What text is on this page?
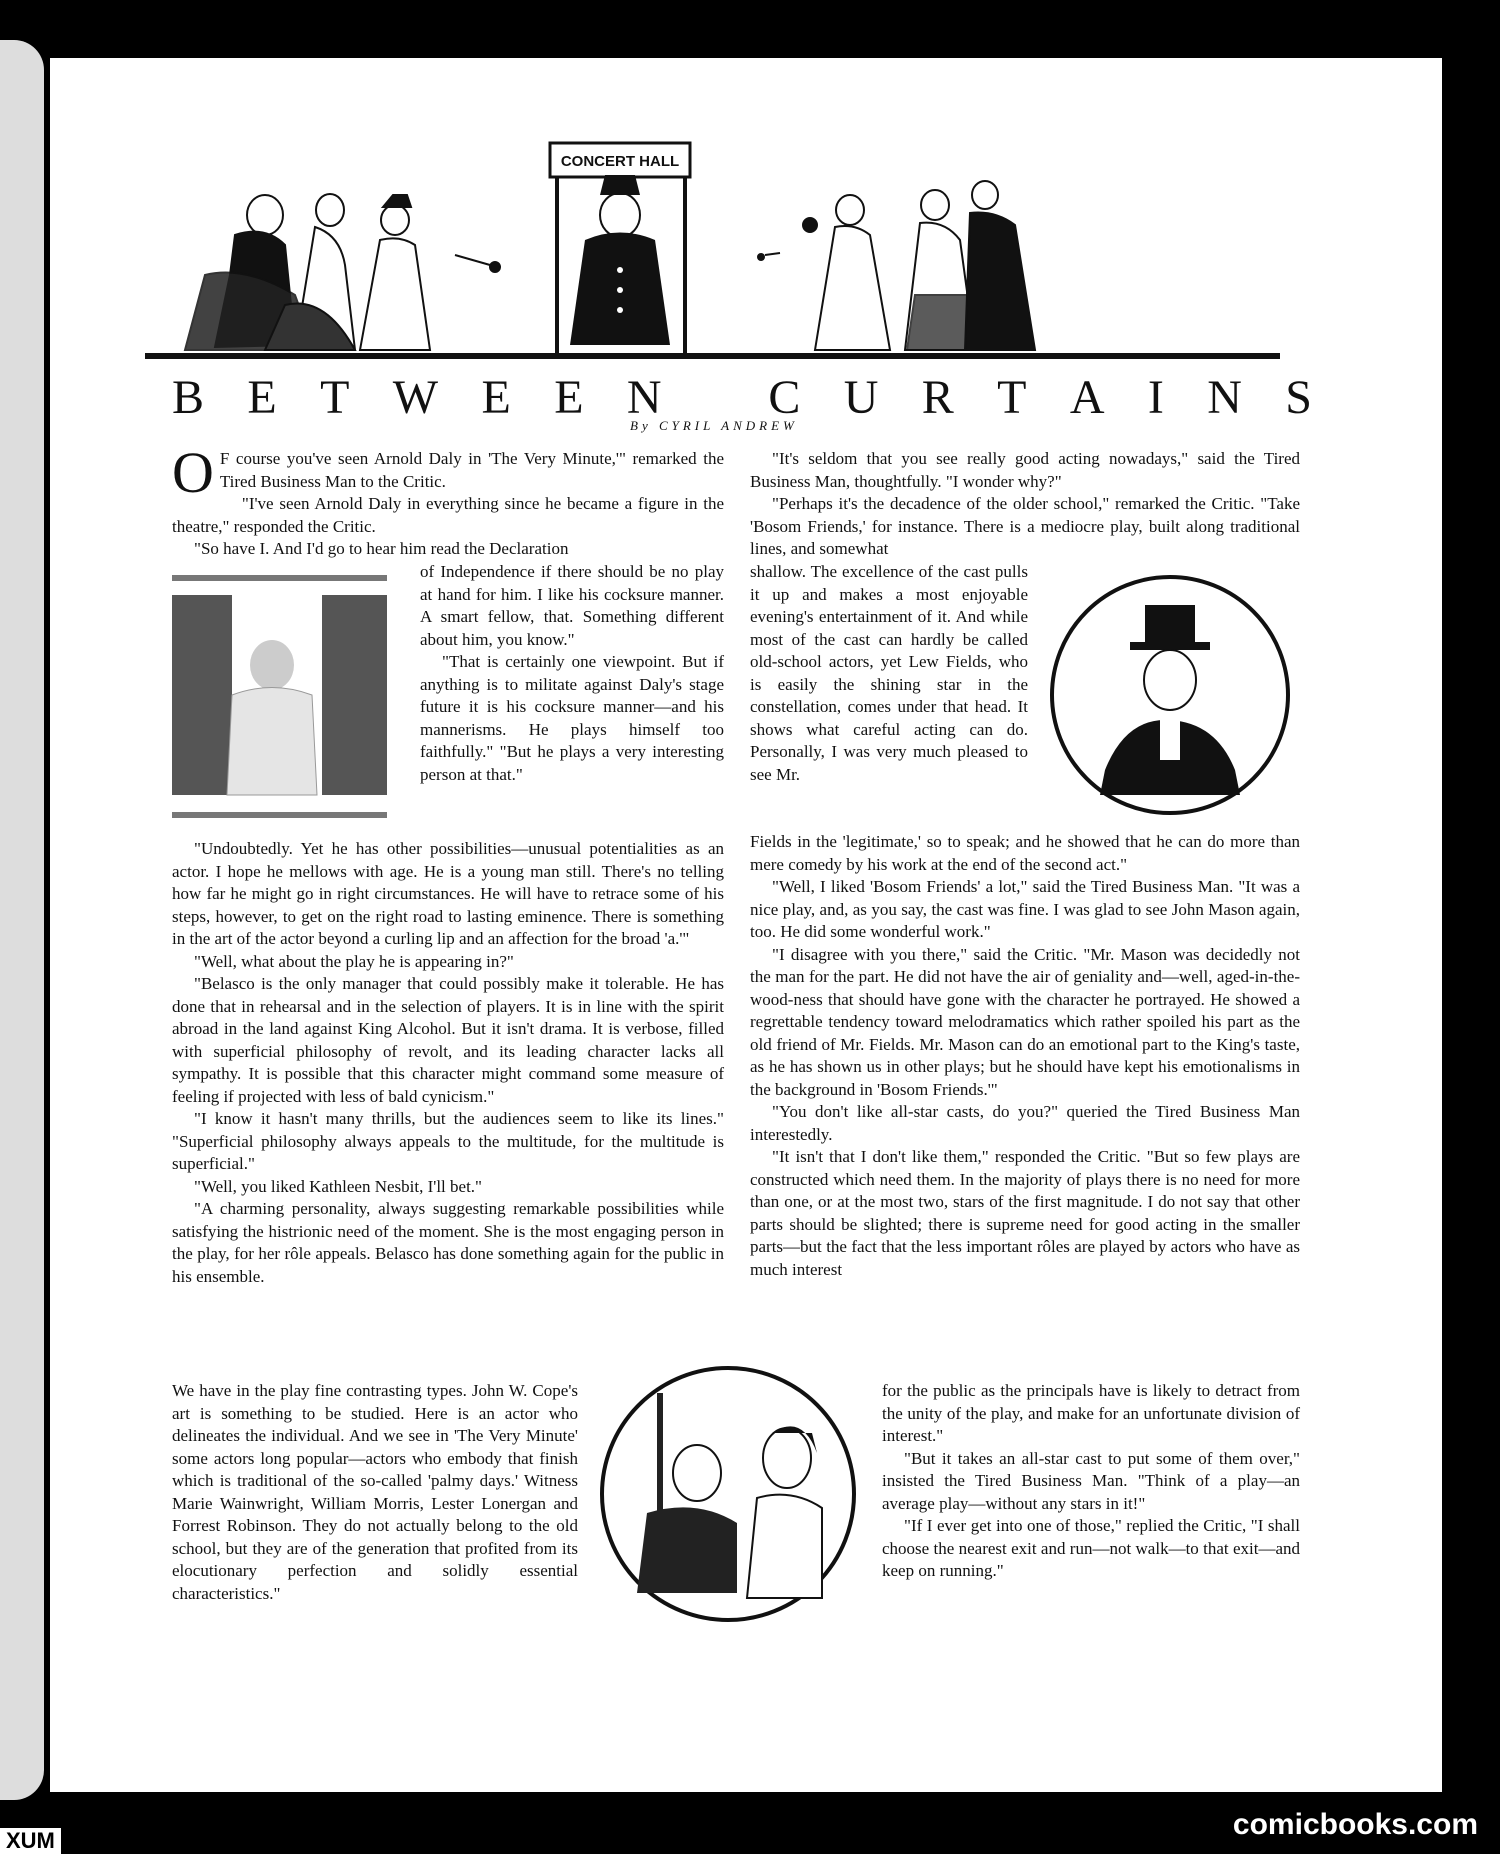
CONCERT HALL
B E T W E E N C U R T A I N S
By CYRIL ANDREW

O F course you've seen Arnold Daly in 'The Very Minute,'" remarked the Tired Business Man to the Critic.

"I've seen Arnold Daly in everything since he became a figure in the theatre," responded the Critic.

"So have I. And I'd go to hear him read the Declaration

of Independence if there should be no play at hand for him. I like his cocksure manner. A smart fellow, that. Something different about him, you know."

"That is certainly one viewpoint. But if anything is to militate against Daly's stage future it is his cocksure manner—and his mannerisms. He plays himself too faithfully." "But he plays a very interesting person at that."

"Undoubtedly. Yet he has other possibilities—unusual potentialities as an actor. I hope he mellows with age. He is a young man still. There's no telling how far he might go in right circumstances. He will have to retrace some of his steps, however, to get on the right road to lasting eminence. There is something in the art of the actor beyond a curling lip and an affection for the broad 'a.'"

"Well, what about the play he is appearing in?"

"Belasco is the only manager that could possibly make it tolerable. He has done that in rehearsal and in the selection of players. It is in line with the spirit abroad in the land against King Alcohol. But it isn't drama. It is verbose, filled with superficial philosophy of revolt, and its leading character lacks all sympathy. It is possible that this character might command some measure of feeling if projected with less of bald cynicism."

"I know it hasn't many thrills, but the audiences seem to like its lines." "Superficial philosophy always appeals to the multitude, for the multitude is superficial."

"Well, you liked Kathleen Nesbit, I'll bet."

"A charming personality, always suggesting remarkable possibilities while satisfying the histrionic need of the moment. She is the most engaging person in the play, for her rôle appeals. Belasco has done something again for the public in his ensemble.

We have in the play fine contrasting types. John W. Cope's art is something to be studied. Here is an actor who delineates the individual. And we see in 'The Very Minute' some actors long popular—actors who embody that finish which is traditional of the so-called 'palmy days.' Witness Marie Wainwright, William Morris, Lester Lonergan and Forrest Robinson. They do not actually belong to the old school, but they are of the generation that profited from its elocutionary perfection and solidly essential characteristics."

"It's seldom that you see really good acting nowadays," said the Tired Business Man, thoughtfully. "I wonder why?"

"Perhaps it's the decadence of the older school," remarked the Critic. "Take 'Bosom Friends,' for instance. There is a mediocre play, built along traditional lines, and somewhat

shallow. The excellence of the cast pulls it up and makes a most enjoyable evening's entertainment of it. And while most of the cast can hardly be called old-school actors, yet Lew Fields, who is easily the shining star in the constellation, comes under that head. It shows what careful acting can do. Personally, I was very much pleased to see Mr.

Fields in the 'legitimate,' so to speak; and he showed that he can do more than mere comedy by his work at the end of the second act."

"Well, I liked 'Bosom Friends' a lot," said the Tired Business Man. "It was a nice play, and, as you say, the cast was fine. I was glad to see John Mason again, too. He did some wonderful work."

"I disagree with you there," said the Critic. "Mr. Mason was decidedly not the man for the part. He did not have the air of geniality and—well, aged-in-the-wood-ness that should have gone with the character he portrayed. He showed a regrettable tendency toward melodramatics which rather spoiled his part as the old friend of Mr. Fields. Mr. Mason can do an emotional part to the King's taste, as he has shown us in other plays; but he should have kept his emotionalisms in the background in 'Bosom Friends.'"

"You don't like all-star casts, do you?" queried the Tired Business Man interestedly.

"It isn't that I don't like them," responded the Critic. "But so few plays are constructed which need them. In the majority of plays there is no need for more than one, or at the most two, stars of the first magnitude. I do not say that other parts should be slighted; there is supreme need for good acting in the smaller parts—but the fact that the less important rôles are played by actors who have as much interest

for the public as the principals have is likely to detract from the unity of the play, and make for an unfortunate division of interest."

"But it takes an all-star cast to put some of them over," insisted the Tired Business Man. "Think of a play—an average play—without any stars in it!"

"If I ever get into one of those," replied the Critic, "I shall choose the nearest exit and run—not walk—to that exit—and keep on running."

XUM	comicbooks.com
